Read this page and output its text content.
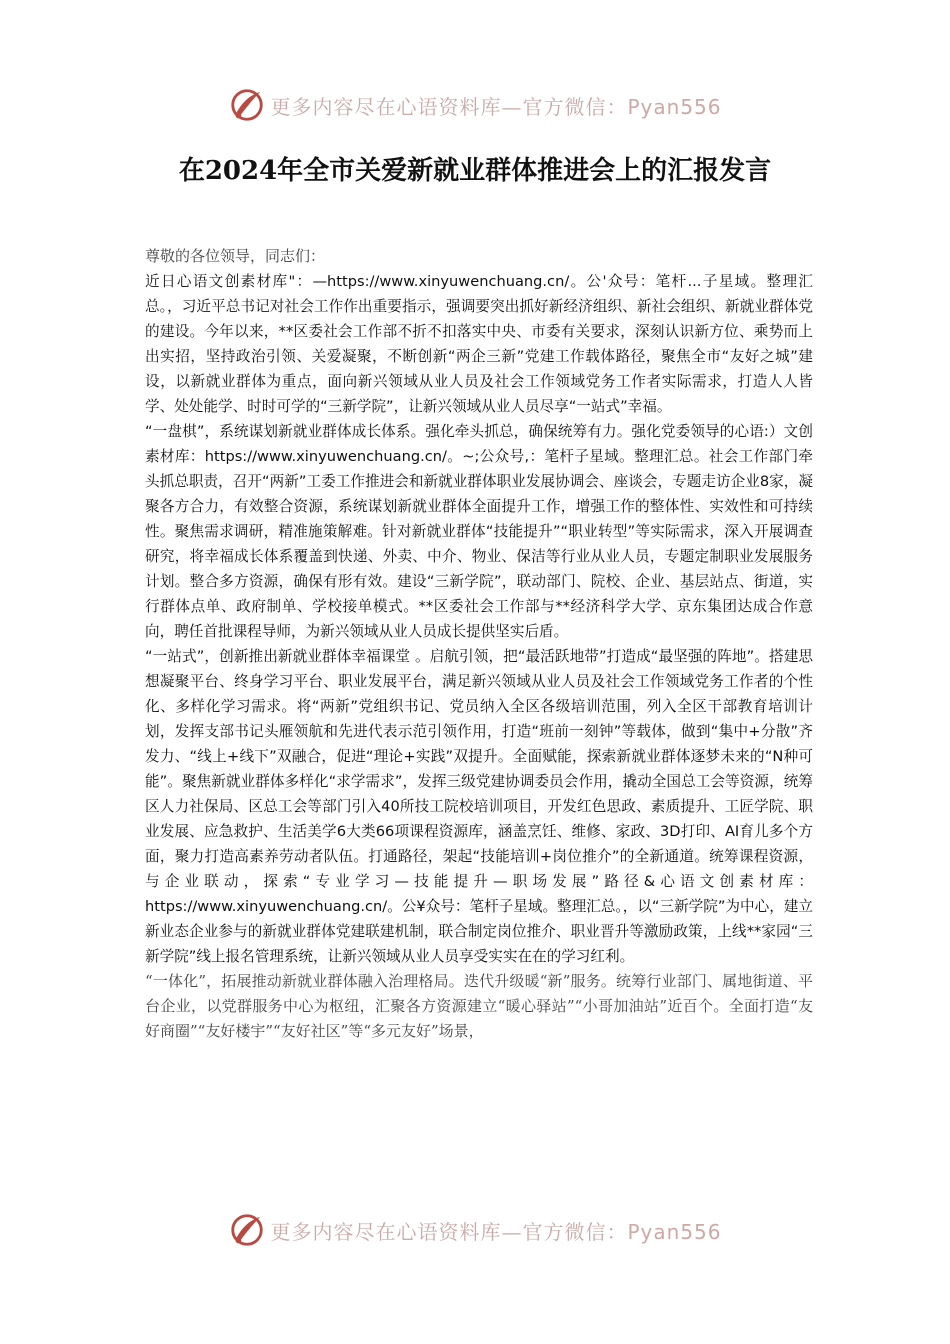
更多内容尽在心语资料库—官方微信：Pyan556
在2024年全市关爱新就业群体推进会上的汇报发言

尊敬的各位领导，同志们：

近日心语文创素材库"：—https://www.xinyuwenchuang.cn/。公'众号：笔杆...子星域。整理汇总。，习近平总书记对社会工作作出重要指示，强调要突出抓好新经济组织、新社会组织、新就业群体党的建设。今年以来，**区委社会工作部不折不扣落实中央、市委有关要求，深刻认识新方位、乘势而上出实招，坚持政治引领、关爱凝聚，不断创新“两企三新”党建工作载体路径，聚焦全市“友好之城”建设，以新就业群体为重点，面向新兴领域从业人员及社会工作领域党务工作者实际需求，打造人人皆学、处处能学、时时可学的“三新学院”，让新兴领域从业人员尽享“一站式”幸福。

“一盘棋”，系统谋划新就业群体成长体系。强化牵头抓总，确保统筹有力。强化党委领导的心语:）文创素材库：https://www.xinyuwenchuang.cn/。~;公众号,：笔杆子星域。整理汇总。社会工作部门牵头抓总职责，召开“两新”工委工作推进会和新就业群体职业发展协调会、座谈会，专题走访企业8家，凝聚各方合力，有效整合资源，系统谋划新就业群体全面提升工作，增强工作的整体性、实效性和可持续性。聚焦需求调研，精准施策解难。针对新就业群体“技能提升”“职业转型”等实际需求，深入开展调查研究，将幸福成长体系覆盖到快递、外卖、中介、物业、保洁等行业从业人员，专题定制职业发展服务计划。整合多方资源，确保有形有效。建设“三新学院”，联动部门、院校、企业、基层站点、街道，实行群体点单、政府制单、学校接单模式。**区委社会工作部与**经济科学大学、京东集团达成合作意向，聘任首批课程导师，为新兴领域从业人员成长提供坚实后盾。

“一站式”，创新推出新就业群体幸福课堂 。启航引领，把“最活跃地带”打造成“最坚强的阵地”。搭建思想凝聚平台、终身学习平台、职业发展平台，满足新兴领域从业人员及社会工作领域党务工作者的个性化、多样化学习需求。将“两新”党组织书记、党员纳入全区各级培训范围，列入全区干部教育培训计划，发挥支部书记头雁领航和先进代表示范引领作用，打造“班前一刻钟”等载体，做到“集中+分散”齐发力、“线上+线下”双融合，促进“理论+实践”双提升。全面赋能，探索新就业群体逐梦未来的“N种可能”。聚焦新就业群体多样化“求学需求”，发挥三级党建协调委员会作用，撬动全国总工会等资源，统筹区人力社保局、区总工会等部门引入40所技工院校培训项目，开发红色思政、素质提升、工匠学院、职业发展、应急救护、生活美学6大类66项课程资源库，涵盖烹饪、维修、家政、3D打印、AI育儿多个方面，聚力打造高素养劳动者队伍。打通路径，架起“技能培训+岗位推介”的全新通道。统筹课程资源，与企业联动，探索“专业学习—技能提升—职场发展”路径&心语文创素材库：https://www.xinyuwenchuang.cn/。公¥众号：笔杆子星域。整理汇总。，以“三新学院”为中心，建立新业态企业参与的新就业群体党建联建机制，联合制定岗位推介、职业晋升等激励政策，上线**家园“三新学院”线上报名管理系统，让新兴领域从业人员享受实实在在的学习红利。

“一体化”，拓展推动新就业群体融入治理格局。迭代升级暖“新”服务。统筹行业部门、属地街道、平台企业，以党群服务中心为枢纽，汇聚各方资源建立“暖心驿站”“小哥加油站”近百个。全面打造“友好商圈”“友好楼宇”“友好社区”等“多元友好”场景，

更多内容尽在心语资料库—官方微信：Pyan556
